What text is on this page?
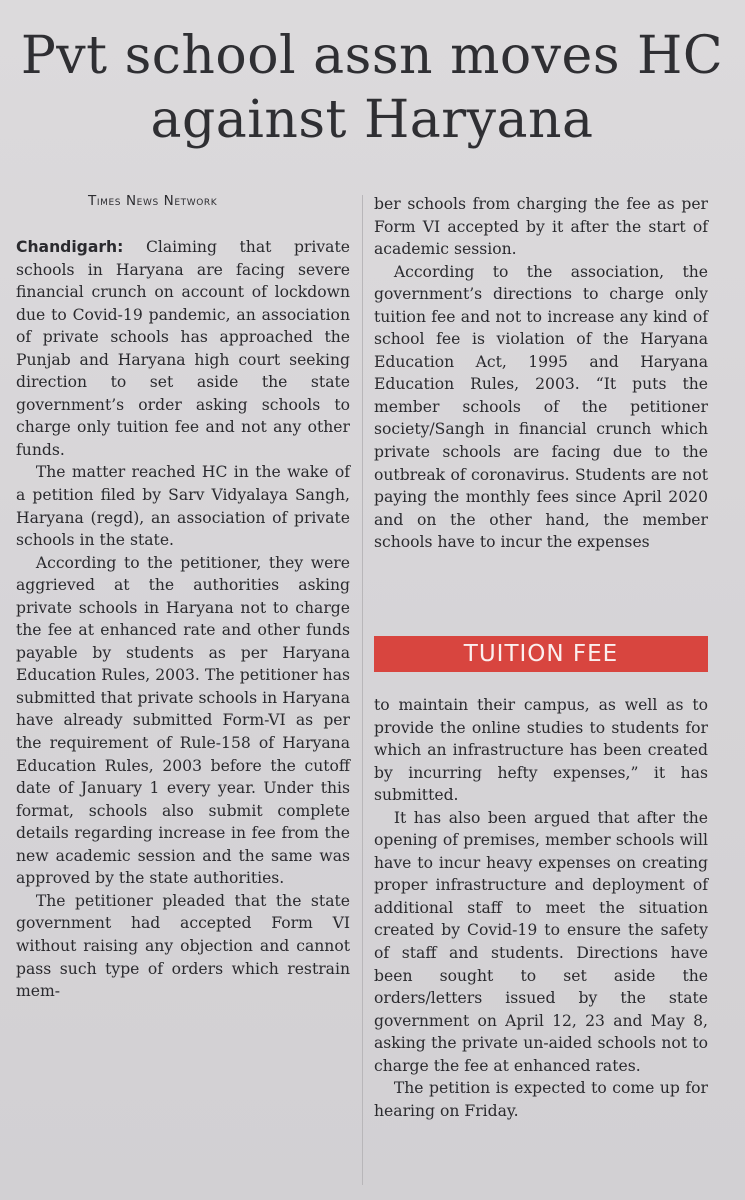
Pvt school assn moves HC against Haryana
Times News Network

Chandigarh: Claiming that private schools in Haryana are facing severe financial crunch on account of lockdown due to Covid-19 pandemic, an association of private schools has approached the Punjab and Haryana high court seeking direction to set aside the state government’s order asking schools to charge only tuition fee and not any other funds.

The matter reached HC in the wake of a petition filed by Sarv Vidyalaya Sangh, Haryana (regd), an association of private schools in the state.

According to the petitioner, they were aggrieved at the authorities asking private schools in Haryana not to charge the fee at enhanced rate and other funds payable by students as per Haryana Education Rules, 2003. The petitioner has submitted that private schools in Haryana have already submitted Form-VI as per the requirement of Rule-158 of Haryana Education Rules, 2003 before the cutoff date of January 1 every year. Under this format, schools also submit complete details regarding increase in fee from the new academic session and the same was approved by the state authorities.

The petitioner pleaded that the state government had accepted Form VI without raising any objection and cannot pass such type of orders which restrain mem-

ber schools from charging the fee as per Form VI accepted by it after the start of academic session.

According to the association, the government’s directions to charge only tuition fee and not to increase any kind of school fee is violation of the Haryana Education Act, 1995 and Haryana Education Rules, 2003. “It puts the member schools of the petitioner society/Sangh in financial crunch which private schools are facing due to the outbreak of coronavirus. Students are not paying the monthly fees since April 2020 and on the other hand, the member schools have to incur the expenses

TUITION FEE

to maintain their campus, as well as to provide the online studies to students for which an infrastructure has been created by incurring hefty expenses,” it has submitted.

It has also been argued that after the opening of premises, member schools will have to incur heavy expenses on creating proper infrastructure and deployment of additional staff to meet the situation created by Covid-19 to ensure the safety of staff and students. Directions have been sought to set aside the orders/letters issued by the state government on April 12, 23 and May 8, asking the private un-aided schools not to charge the fee at enhanced rates.

The petition is expected to come up for hearing on Friday.
